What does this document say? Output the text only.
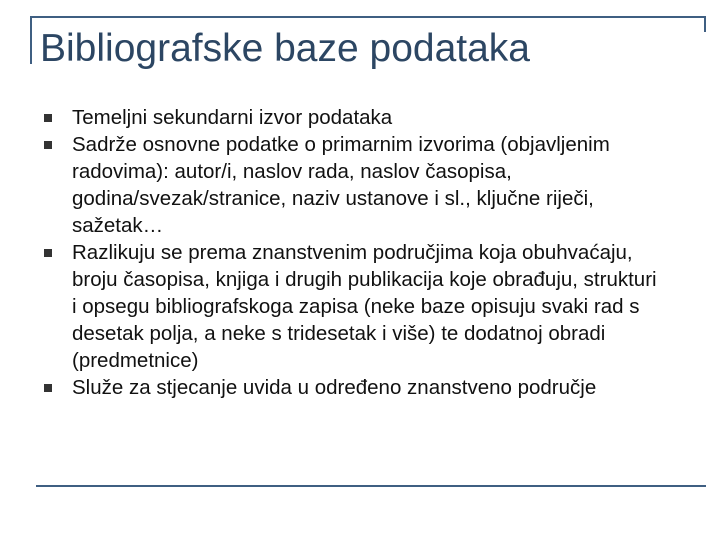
Bibliografske baze podataka
Temeljni sekundarni izvor podataka
Sadrže osnovne podatke o primarnim izvorima (objavljenim radovima): autor/i, naslov rada, naslov časopisa, godina/svezak/stranice, naziv ustanove i sl., ključne riječi, sažetak…
Razlikuju se prema znanstvenim područjima koja obuhvaćaju, broju časopisa, knjiga i drugih publikacija koje obrađuju, strukturi i opsegu bibliografskoga zapisa (neke baze opisuju svaki rad s desetak polja, a neke s tridesetak i više) te dodatnoj obradi (predmetnice)
Služe za stjecanje uvida u određeno znanstveno područje
